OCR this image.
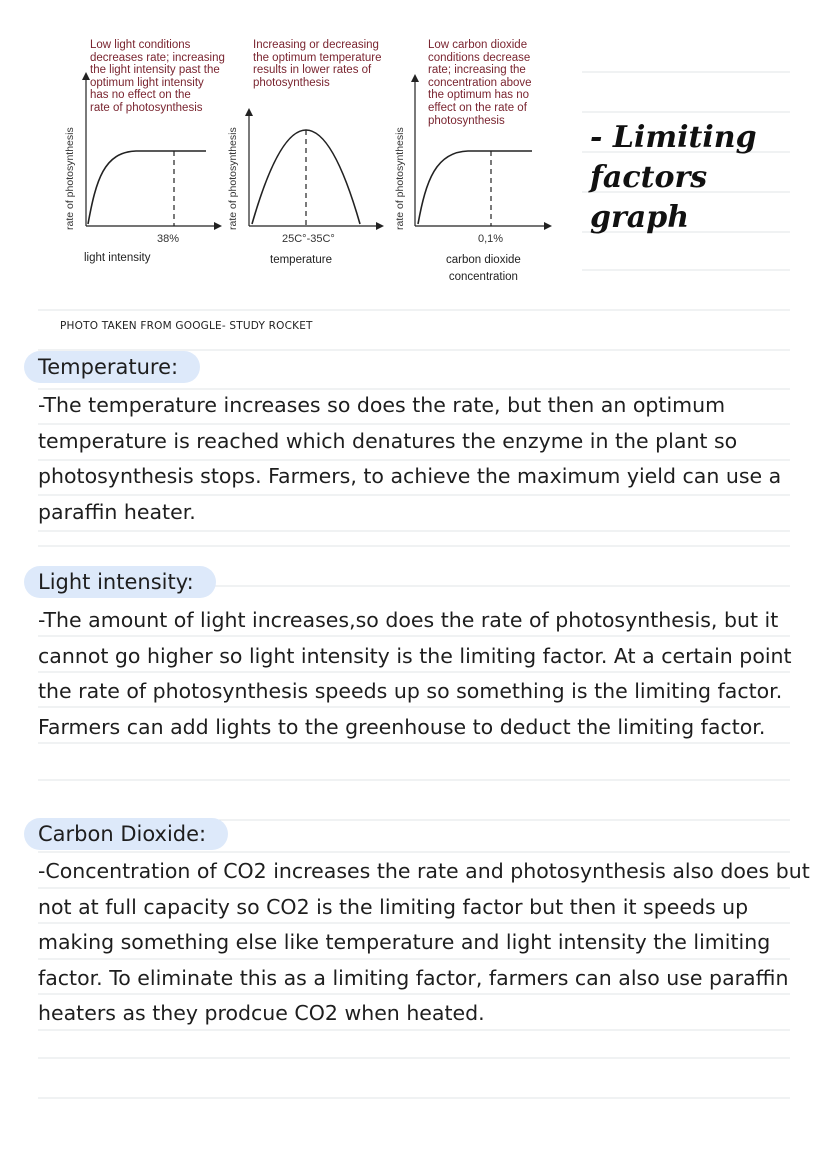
Low light conditions
decreases rate; increasing
the light intensity past the
optimum light intensity
has no effect on the
rate of photosynthesis

Increasing or decreasing
the optimum temperature
results in lower rates of
photosynthesis

Low carbon dioxide
conditions decrease
rate; increasing the
concentration above
the optimum has no
effect on the rate of
photosynthesis

rate of photosynthesis	rate of photosynthesis	rate of photosynthesis
38%	25C°-35C°	0,1%
light intensity	temperature	carbon dioxide
concentration
PHOTO TAKEN FROM GOOGLE- STUDY ROCKET
- Limiting factors graph
Temperature:

-The temperature increases so does the rate, but then an optimum temperature is reached which denatures the enzyme in the plant so photosynthesis stops. Farmers, to achieve the maximum yield can use a paraffin heater.

Light intensity:

-The amount of light increases,so does the rate of photosynthesis, but it cannot go higher so light intensity is the limiting factor. At a certain point the rate of photosynthesis speeds up so something is the limiting factor. Farmers can add lights to the greenhouse to deduct the limiting factor.

Carbon Dioxide:

-Concentration of CO2 increases the rate and photosynthesis also does but not at full capacity so CO2 is the limiting factor but then it speeds up making something else like temperature and light intensity the limiting factor. To eliminate this as a limiting factor, farmers can also use paraffin heaters as they prodcue CO2 when heated.
